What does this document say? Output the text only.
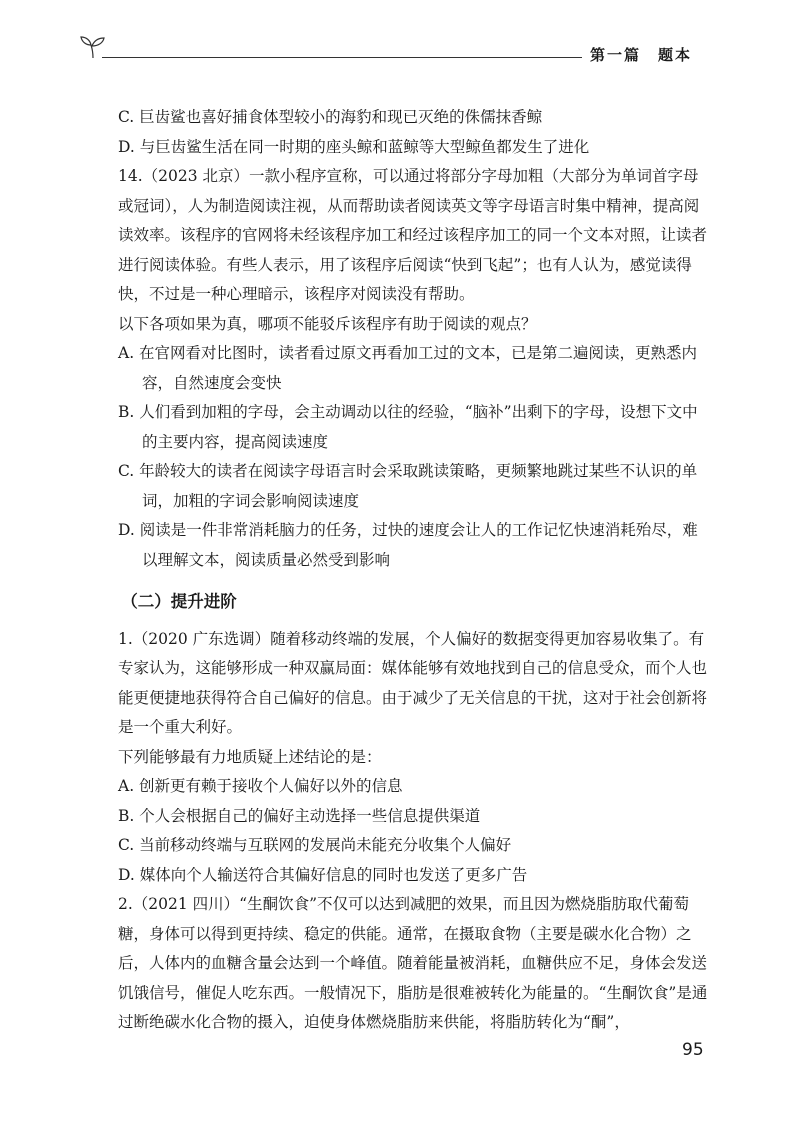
第一篇　题本

C. 巨齿鲨也喜好捕食体型较小的海豹和现已灭绝的侏儒抹香鲸

D. 与巨齿鲨生活在同一时期的座头鲸和蓝鲸等大型鲸鱼都发生了进化

14.（2023 北京）一款小程序宣称，可以通过将部分字母加粗（大部分为单词首字母或冠词），人为制造阅读注视，从而帮助读者阅读英文等字母语言时集中精神，提高阅读效率。该程序的官网将未经该程序加工和经过该程序加工的同一个文本对照，让读者进行阅读体验。有些人表示，用了该程序后阅读“快到飞起”；也有人认为，感觉读得快，不过是一种心理暗示，该程序对阅读没有帮助。

以下各项如果为真，哪项不能驳斥该程序有助于阅读的观点？

A. 在官网看对比图时，读者看过原文再看加工过的文本，已是第二遍阅读，更熟悉内容，自然速度会变快

B. 人们看到加粗的字母，会主动调动以往的经验，“脑补”出剩下的字母，设想下文中的主要内容，提高阅读速度

C. 年龄较大的读者在阅读字母语言时会采取跳读策略，更频繁地跳过某些不认识的单词，加粗的字词会影响阅读速度

D. 阅读是一件非常消耗脑力的任务，过快的速度会让人的工作记忆快速消耗殆尽，难以理解文本，阅读质量必然受到影响

（二）提升进阶

1.（2020 广东选调）随着移动终端的发展，个人偏好的数据变得更加容易收集了。有专家认为，这能够形成一种双赢局面：媒体能够有效地找到自己的信息受众，而个人也能更便捷地获得符合自己偏好的信息。由于减少了无关信息的干扰，这对于社会创新将是一个重大利好。

下列能够最有力地质疑上述结论的是：

A. 创新更有赖于接收个人偏好以外的信息

B. 个人会根据自己的偏好主动选择一些信息提供渠道

C. 当前移动终端与互联网的发展尚未能充分收集个人偏好

D. 媒体向个人输送符合其偏好信息的同时也发送了更多广告

2.（2021 四川）“生酮饮食”不仅可以达到减肥的效果，而且因为燃烧脂肪取代葡萄糖，身体可以得到更持续、稳定的供能。通常，在摄取食物（主要是碳水化合物）之后，人体内的血糖含量会达到一个峰值。随着能量被消耗，血糖供应不足，身体会发送饥饿信号，催促人吃东西。一般情况下，脂肪是很难被转化为能量的。“生酮饮食”是通过断绝碳水化合物的摄入，迫使身体燃烧脂肪来供能，将脂肪转化为“酮”，

95
